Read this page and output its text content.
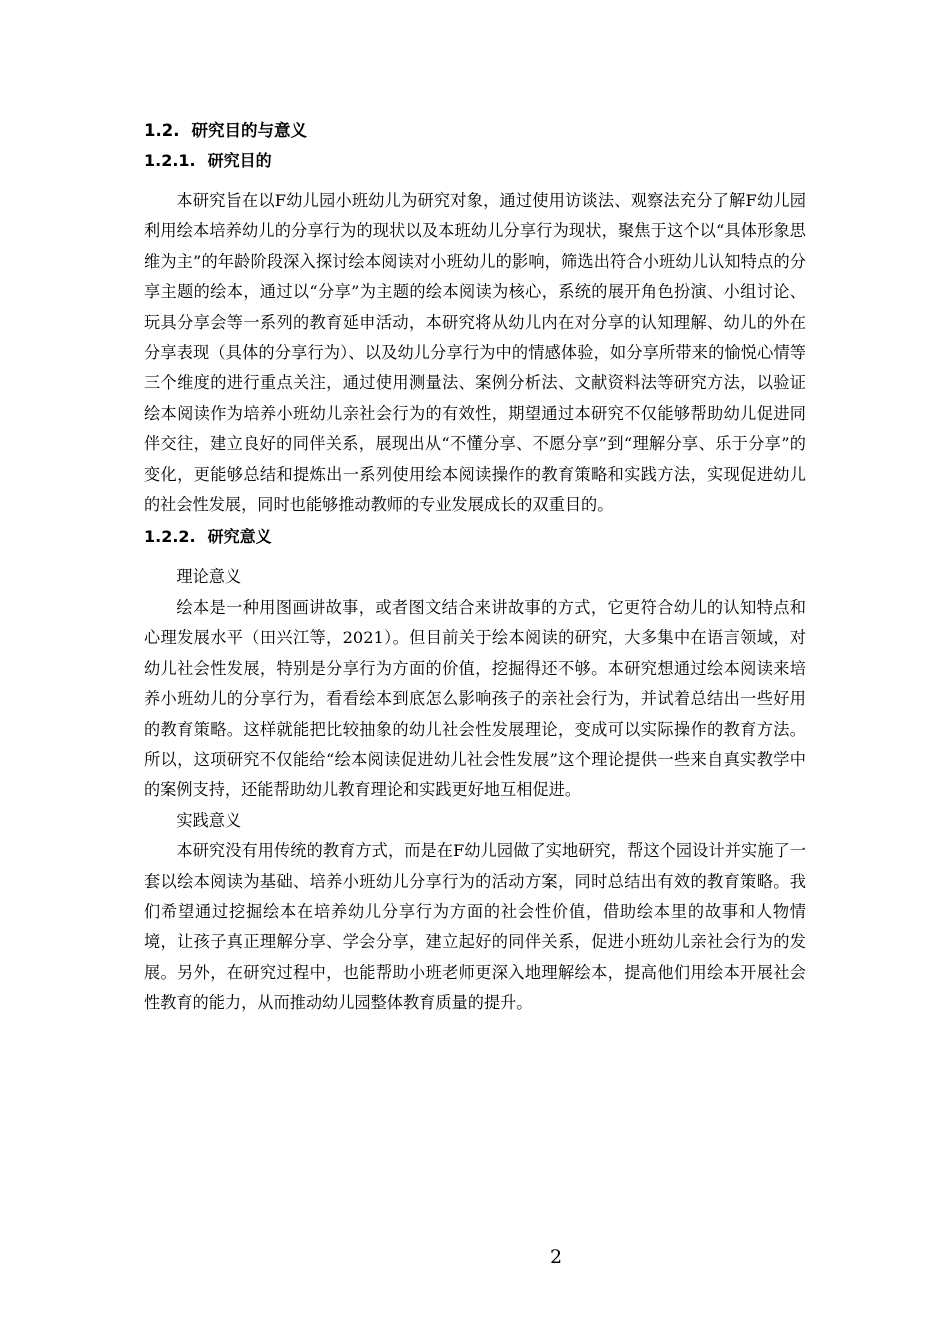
1.2. 研究目的与意义
1.2.1. 研究目的

本研究旨在以F幼儿园小班幼儿为研究对象，通过使用访谈法、观察法充分了解F幼儿园利用绘本培养幼儿的分享行为的现状以及本班幼儿分享行为现状，聚焦于这个以“具体形象思维为主”的年龄阶段深入探讨绘本阅读对小班幼儿的影响，筛选出符合小班幼儿认知特点的分享主题的绘本，通过以“分享”为主题的绘本阅读为核心，系统的展开角色扮演、小组讨论、玩具分享会等一系列的教育延申活动，本研究将从幼儿内在对分享的认知理解、幼儿的外在分享表现（具体的分享行为）、以及幼儿分享行为中的情感体验，如分享所带来的愉悦心情等三个维度的进行重点关注，通过使用测量法、案例分析法、文献资料法等研究方法，以验证绘本阅读作为培养小班幼儿亲社会行为的有效性，期望通过本研究不仅能够帮助幼儿促进同伴交往，建立良好的同伴关系，展现出从“不懂分享、不愿分享”到“理解分享、乐于分享”的变化，更能够总结和提炼出一系列使用绘本阅读操作的教育策略和实践方法，实现促进幼儿的社会性发展，同时也能够推动教师的专业发展成长的双重目的。

1.2.2. 研究意义

理论意义

绘本是一种用图画讲故事，或者图文结合来讲故事的方式，它更符合幼儿的认知特点和心理发展水平（田兴江等，2021）。但目前关于绘本阅读的研究，大多集中在语言领域，对幼儿社会性发展，特别是分享行为方面的价值，挖掘得还不够。本研究想通过绘本阅读来培养小班幼儿的分享行为，看看绘本到底怎么影响孩子的亲社会行为，并试着总结出一些好用的教育策略。这样就能把比较抽象的幼儿社会性发展理论，变成可以实际操作的教育方法。所以，这项研究不仅能给“绘本阅读促进幼儿社会性发展”这个理论提供一些来自真实教学中的案例支持，还能帮助幼儿教育理论和实践更好地互相促进。

实践意义

本研究没有用传统的教育方式，而是在F幼儿园做了实地研究，帮这个园设计并实施了一套以绘本阅读为基础、培养小班幼儿分享行为的活动方案，同时总结出有效的教育策略。我们希望通过挖掘绘本在培养幼儿分享行为方面的社会性价值，借助绘本里的故事和人物情境，让孩子真正理解分享、学会分享，建立起好的同伴关系，促进小班幼儿亲社会行为的发展。另外，在研究过程中，也能帮助小班老师更深入地理解绘本，提高他们用绘本开展社会性教育的能力，从而推动幼儿园整体教育质量的提升。

2
